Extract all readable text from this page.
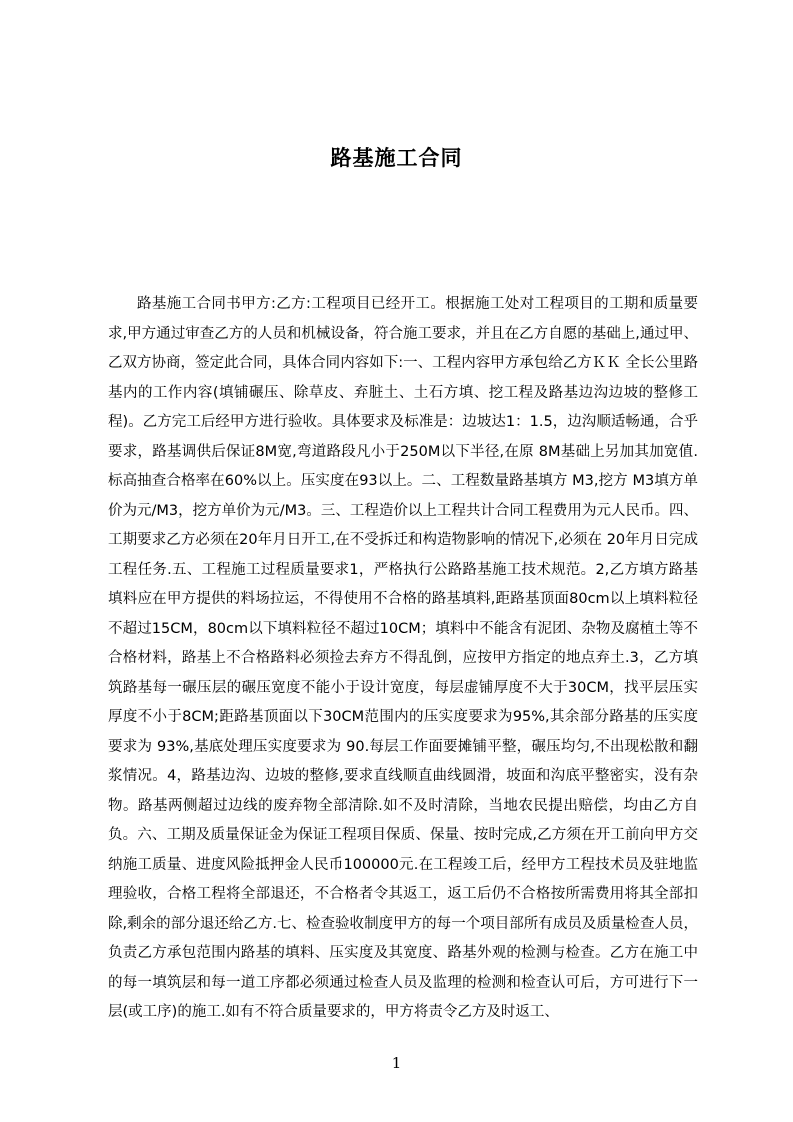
路基施工合同

路基施工合同书甲方:乙方:工程项目已经开工。根据施工处对工程项目的工期和质量要求,甲方通过审查乙方的人员和机械设备，符合施工要求，并且在乙方自愿的基础上,通过甲、乙双方协商，签定此合同，具体合同内容如下:一、工程内容甲方承包给乙方ＫＫ 全长公里路基内的工作内容(填铺碾压、除草皮、弃脏土、土石方填、挖工程及路基边沟边坡的整修工程)。乙方完工后经甲方进行验收。具体要求及标准是：边坡达1：1.5，边沟顺适畅通，合乎要求，路基调供后保证8M宽,弯道路段凡小于250M以下半径,在原 8M基础上另加其加宽值.标高抽查合格率在60%以上。压实度在93以上。二、工程数量路基填方 M3,挖方 M3填方单价为元/M3，挖方单价为元/M3。三、工程造价以上工程共计合同工程费用为元人民币。四、工期要求乙方必须在20年月日开工,在不受拆迁和构造物影响的情况下,必须在 20年月日完成工程任务.五、工程施工过程质量要求1，严格执行公路路基施工技术规范。2,乙方填方路基填料应在甲方提供的料场拉运，不得使用不合格的路基填料,距路基顶面80cm以上填料粒径不超过15CM，80cm以下填料粒径不超过10CM；填料中不能含有泥团、杂物及腐植土等不合格材料，路基上不合格路料必须捡去弃方不得乱倒，应按甲方指定的地点弃土.3，乙方填筑路基每一碾压层的碾压宽度不能小于设计宽度，每层虚铺厚度不大于30CM，找平层压实厚度不小于8CM;距路基顶面以下30CM范围内的压实度要求为95%,其余部分路基的压实度要求为 93%,基底处理压实度要求为 90.每层工作面要摊铺平整，碾压均匀,不出现松散和翻浆情况。4，路基边沟、边坡的整修,要求直线顺直曲线圆滑，坡面和沟底平整密实，没有杂物。路基两侧超过边线的废弃物全部清除.如不及时清除，当地农民提出赔偿，均由乙方自负。六、工期及质量保证金为保证工程项目保质、保量、按时完成,乙方须在开工前向甲方交纳施工质量、进度风险抵押金人民币100000元.在工程竣工后，经甲方工程技术员及驻地监理验收，合格工程将全部退还，不合格者令其返工，返工后仍不合格按所需费用将其全部扣除,剩余的部分退还给乙方.七、检查验收制度甲方的每一个项目部所有成员及质量检查人员，负责乙方承包范围内路基的填料、压实度及其宽度、路基外观的检测与检查。乙方在施工中的每一填筑层和每一道工序都必须通过检查人员及监理的检测和检查认可后，方可进行下一层(或工序)的施工.如有不符合质量要求的，甲方将责令乙方及时返工、

1
